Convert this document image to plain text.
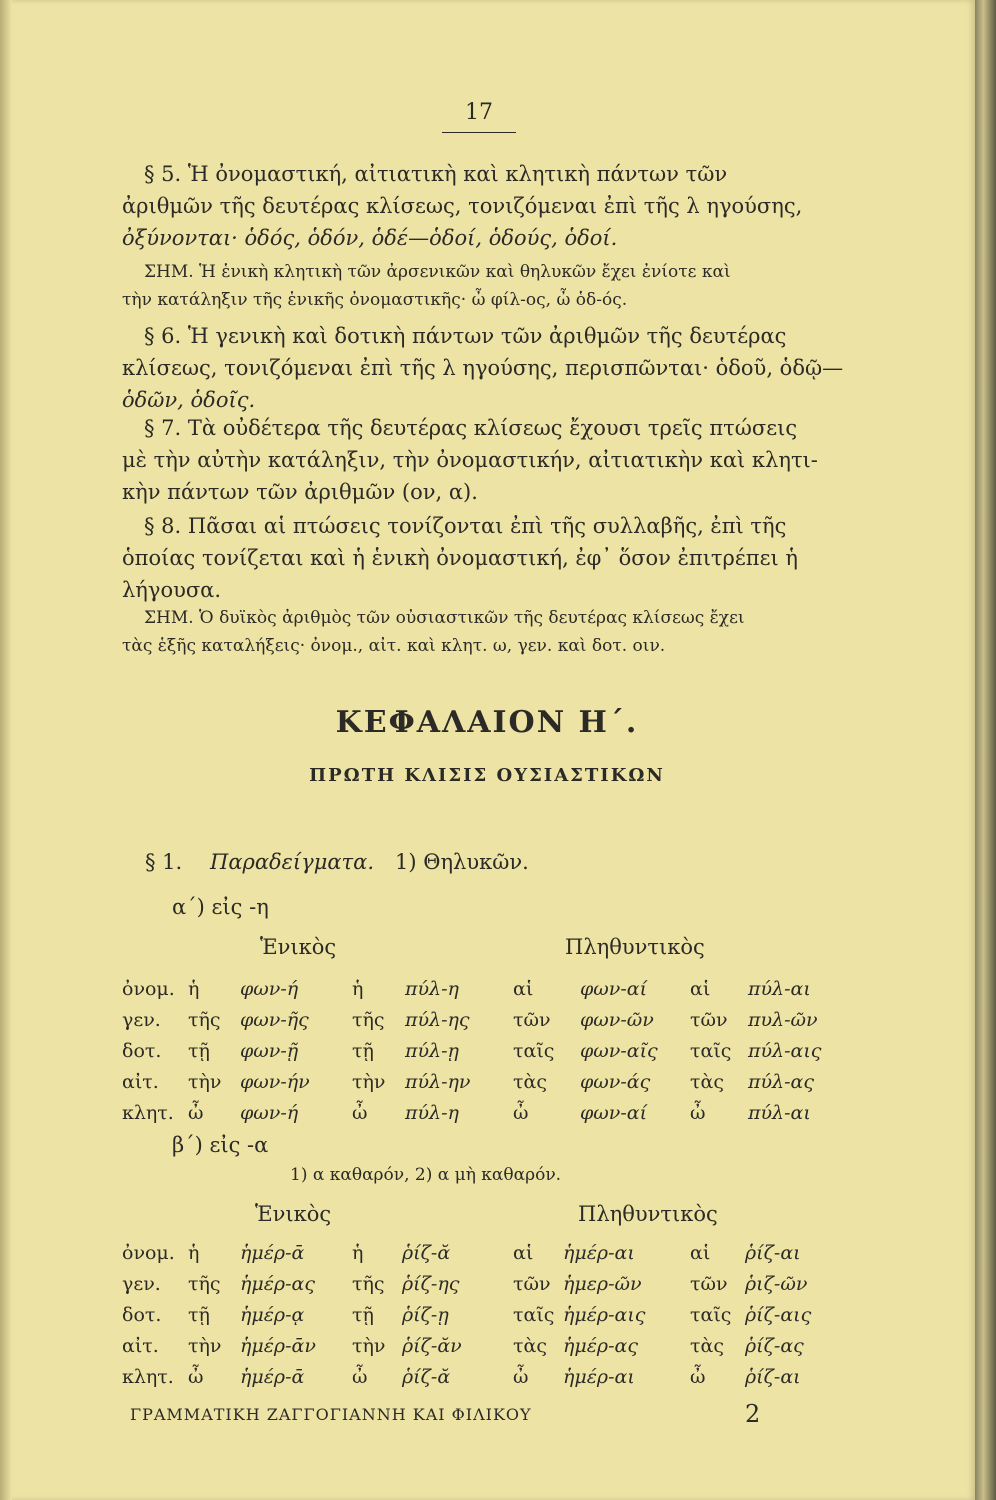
17
§ 5. Ἡ ὀνομαστική, αἰτιατικὴ καὶ κλητικὴ πάντων τῶν
ἀριθμῶν τῆς δευτέρας κλίσεως, τονιζόμεναι ἐπὶ τῆς λ ηγούσης,
ὀξύνονται· ὁδός, ὁδόν, ὁδέ—ὁδοί, ὁδούς, ὁδοί.
ΣΗΜ. Ἡ ἑνικὴ κλητικὴ τῶν ἀρσενικῶν καὶ θηλυκῶν ἔχει ἐνίοτε καὶ
τὴν κατάληξιν τῆς ἑνικῆς ὀνομαστικῆς· ὦ φίλ-ος, ὦ ὁδ-ός.
§ 6. Ἡ γενικὴ καὶ δοτικὴ πάντων τῶν ἀριθμῶν τῆς δευτέρας
κλίσεως, τονιζόμεναι ἐπὶ τῆς λ ηγούσης, περισπῶνται· ὁδοῦ, ὁδῷ—
ὁδῶν, ὁδοῖς.
§ 7. Τὰ οὐδέτερα τῆς δευτέρας κλίσεως ἔχουσι τρεῖς πτώσεις
μὲ τὴν αὐτὴν κατάληξιν, τὴν ὀνομαστικήν, αἰτιατικὴν καὶ κλητι-
κὴν πάντων τῶν ἀριθμῶν (ον, α).
§ 8. Πᾶσαι αἱ πτώσεις τονίζονται ἐπὶ τῆς συλλαβῆς, ἐπὶ τῆς
ὁποίας τονίζεται καὶ ἡ ἑνικὴ ὀνομαστική, ἐφ᾽ ὅσον ἐπιτρέπει ἡ
λήγουσα.
ΣΗΜ. Ὁ δυϊκὸς ἀριθμὸς τῶν οὐσιαστικῶν τῆς δευτέρας κλίσεως ἔχει
τὰς ἑξῆς καταλήξεις· ὀνομ., αἰτ. καὶ κλητ. ω, γεν. καὶ δοτ. οιν.
ΚΕΦΑΛΑΙΟΝ Η΄.
ΠΡΩΤΗ ΚΛΙΣΙΣ ΟΥΣΙΑΣΤΙΚΩΝ
§ 1. Παραδείγματα. 1) Θηλυκῶν.
α΄) εἰς -η
Ἑνικὸς	Πληθυντικὸς
ὀνομ. ἡ φων-ή	ἡ πύλ-η	αἱ φων-αί αἱ πύλ-αι
γεν. τῆς φων-ῆς τῆς πύλ-ης τῶν φων-ῶν τῶν πυλ-ῶν
δοτ. τῇ φων-ῇ	τῇ πύλ-ῃ	ταῖς φων-αῖς ταῖς πύλ-αις
αἰτ. τὴν φων-ήν τὴν πύλ-ην τὰς φων-άς τὰς πύλ-ας
κλητ. ὦ φων-ή	ὦ πύλ-η	ὦ	φων-αί ὦ πύλ-αι
β΄) εἰς -α
1) α καθαρόν, 2) α μὴ καθαρόν.
Ἑνικὸς	Πληθυντικὸς
ὀνομ. ἡ ἡμέρ-ᾱ	ἡ ῥίζ-ᾰ	αἱ ἡμέρ-αι	αἱ ῥίζ-αι
γεν. τῆς ἡμέρ-ας τῆς ῥίζ-ης	τῶν ἡμερ-ῶν	τῶν ῥιζ-ῶν
δοτ. τῇ ἡμέρ-ᾳ	τῇ ῥίζ-ῃ	ταῖς ἡμέρ-αις ταῖς ῥίζ-αις
αἰτ. τὴν ἡμέρ-ᾱν τὴν ῥίζ-ᾰν	τὰς ἡμέρ-ας	τὰς ῥίζ-ας
κλητ. ὦ ἡμέρ-ᾱ	ὦ ῥίζ-ᾰ	ὦ ἡμέρ-αι	ὦ ῥίζ-αι
ΓΡΑΜΜΑΤΙΚΗ ΖΑΓΓΟΓΙΑΝΝΗ ΚΑΙ ΦΙΛΙΚΟΥ	2
